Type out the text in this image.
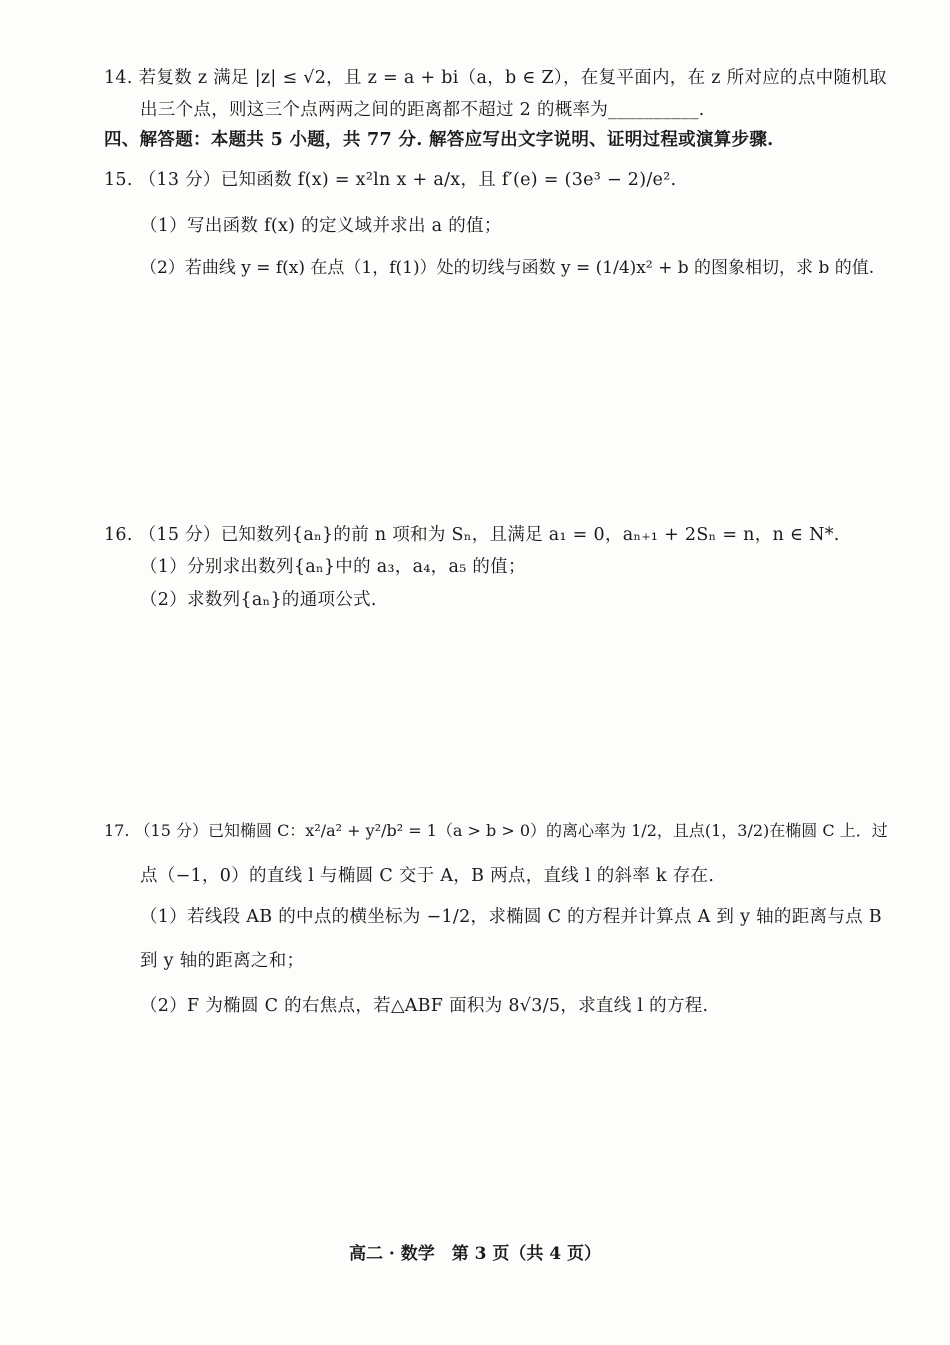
14. 若复数 z 满足 |z| ≤ √2，且 z = a + bi（a，b ∈ Z），在复平面内，在 z 所对应的点中随机取
出三个点，则这三个点两两之间的距离都不超过 2 的概率为__________.
四、解答题：本题共 5 小题，共 77 分. 解答应写出文字说明、证明过程或演算步骤.
15. （13 分）已知函数 f(x) = x²ln x + a/x，且 f′(e) = (3e³ − 2)/e².
（1）写出函数 f(x) 的定义域并求出 a 的值；
（2）若曲线 y = f(x) 在点（1，f(1)）处的切线与函数 y = (1/4)x² + b 的图象相切，求 b 的值.
16. （15 分）已知数列{aₙ}的前 n 项和为 Sₙ，且满足 a₁ = 0，aₙ₊₁ + 2Sₙ = n，n ∈ N*.
（1）分别求出数列{aₙ}中的 a₃，a₄，a₅ 的值；
（2）求数列{aₙ}的通项公式.
17. （15 分）已知椭圆 C：x²/a² + y²/b² = 1（a > b > 0）的离心率为 1/2，且点(1，3/2)在椭圆 C 上．过
点（−1，0）的直线 l 与椭圆 C 交于 A，B 两点，直线 l 的斜率 k 存在.
（1）若线段 AB 的中点的横坐标为 −1/2，求椭圆 C 的方程并计算点 A 到 y 轴的距离与点 B
到 y 轴的距离之和；
（2）F 为椭圆 C 的右焦点，若△ABF 面积为 8√3/5，求直线 l 的方程.
高二 · 数学　第 3 页（共 4 页）
